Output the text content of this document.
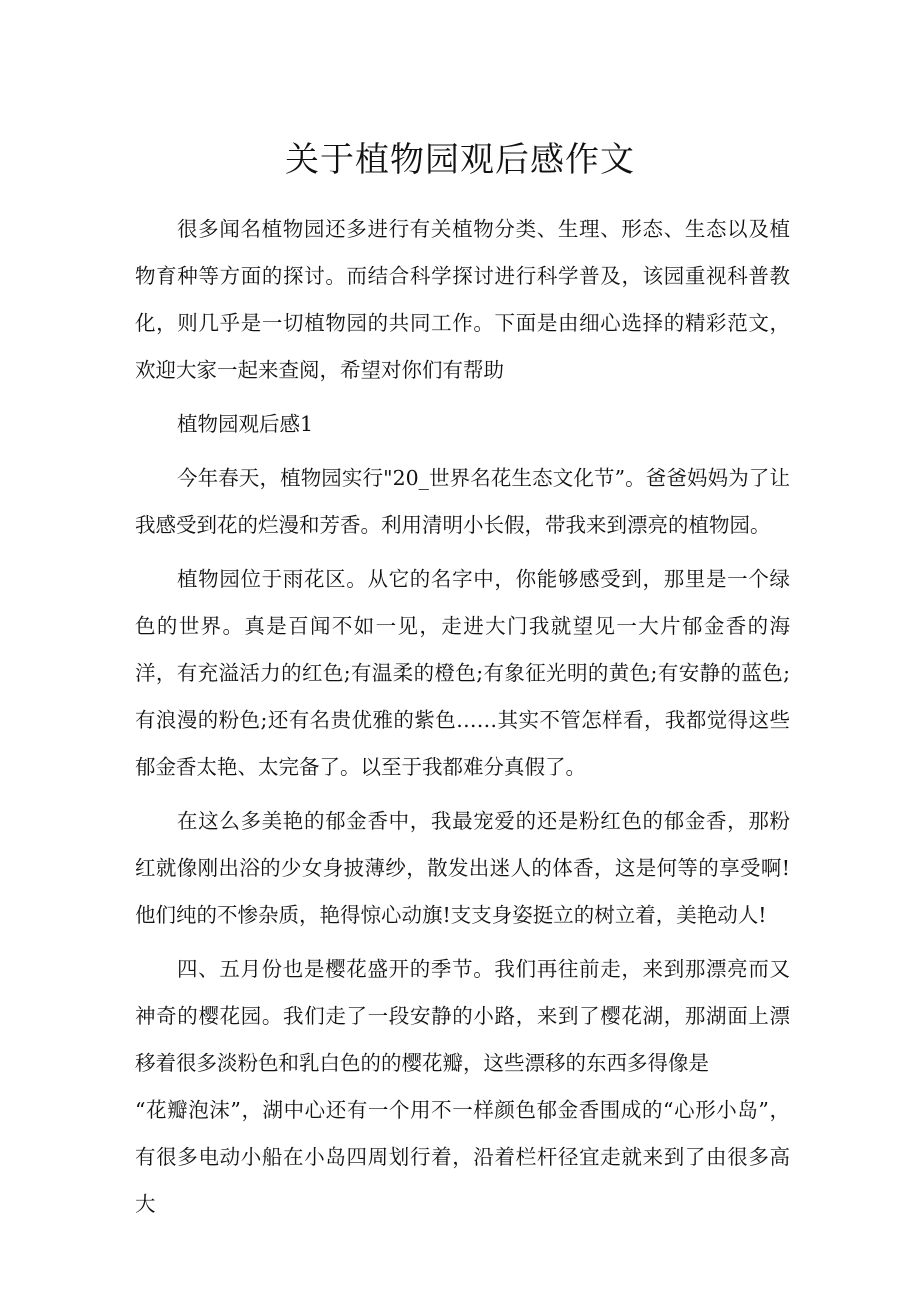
关于植物园观后感作文

很多闻名植物园还多进行有关植物分类、生理、形态、生态以及植物育种等方面的探讨。而结合科学探讨进行科学普及，该园重视科普教化，则几乎是一切植物园的共同工作。下面是由细心选择的精彩范文，欢迎大家一起来查阅，希望对你们有帮助

植物园观后感1

今年春天，植物园实行"20_世界名花生态文化节”。爸爸妈妈为了让我感受到花的烂漫和芳香。利用清明小长假，带我来到漂亮的植物园。

植物园位于雨花区。从它的名字中，你能够感受到，那里是一个绿色的世界。真是百闻不如一见，走进大门我就望见一大片郁金香的海洋，有充溢活力的红色;有温柔的橙色;有象征光明的黄色;有安静的蓝色;有浪漫的粉色;还有名贵优雅的紫色……其实不管怎样看，我都觉得这些郁金香太艳、太完备了。以至于我都难分真假了。

在这么多美艳的郁金香中，我最宠爱的还是粉红色的郁金香，那粉红就像刚出浴的少女身披薄纱，散发出迷人的体香，这是何等的享受啊!他们纯的不惨杂质，艳得惊心动旗!支支身姿挺立的树立着，美艳动人!

四、五月份也是樱花盛开的季节。我们再往前走，来到那漂亮而又神奇的樱花园。我们走了一段安静的小路，来到了樱花湖，那湖面上漂移着很多淡粉色和乳白色的的樱花瓣，这些漂移的东西多得像是

“花瓣泡沫”，湖中心还有一个用不一样颜色郁金香围成的“心形小岛”，有很多电动小船在小岛四周划行着，沿着栏杆径宜走就来到了由很多高大
